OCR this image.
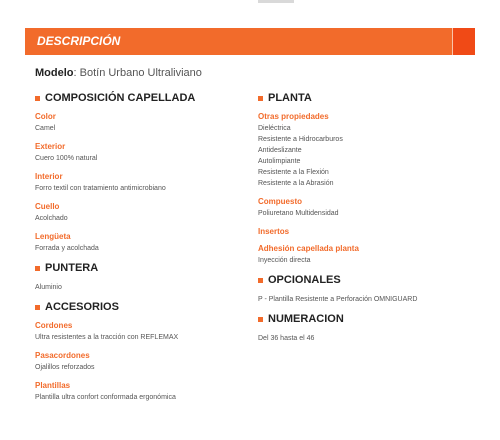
DESCRIPCIÓN
Modelo: Botín Urbano Ultraliviano
COMPOSICIÓN CAPELLADA
Color
Camel
Exterior
Cuero 100% natural
Interior
Forro textil con tratamiento antimicrobiano
Cuello
Acolchado
Lengüeta
Forrada y acolchada
PUNTERA
Aluminio
ACCESORIOS
Cordones
Ultra resistentes a la tracción con REFLEMAX
Pasacordones
Ojalillos reforzados
Plantillas
Plantilla ultra confort conformada ergonómica
PLANTA
Otras propiedades
Dieléctrica
Resistente a Hidrocarburos
Antideslizante
Autolimpiante
Resistente a la Flexión
Resistente a la Abrasión
Compuesto
Poliuretano Multidensidad
Insertos
Adhesión capellada planta
Inyección directa
OPCIONALES
P - Plantilla Resistente a Perforación OMNIGUARD
NUMERACION
Del 36 hasta el 46
